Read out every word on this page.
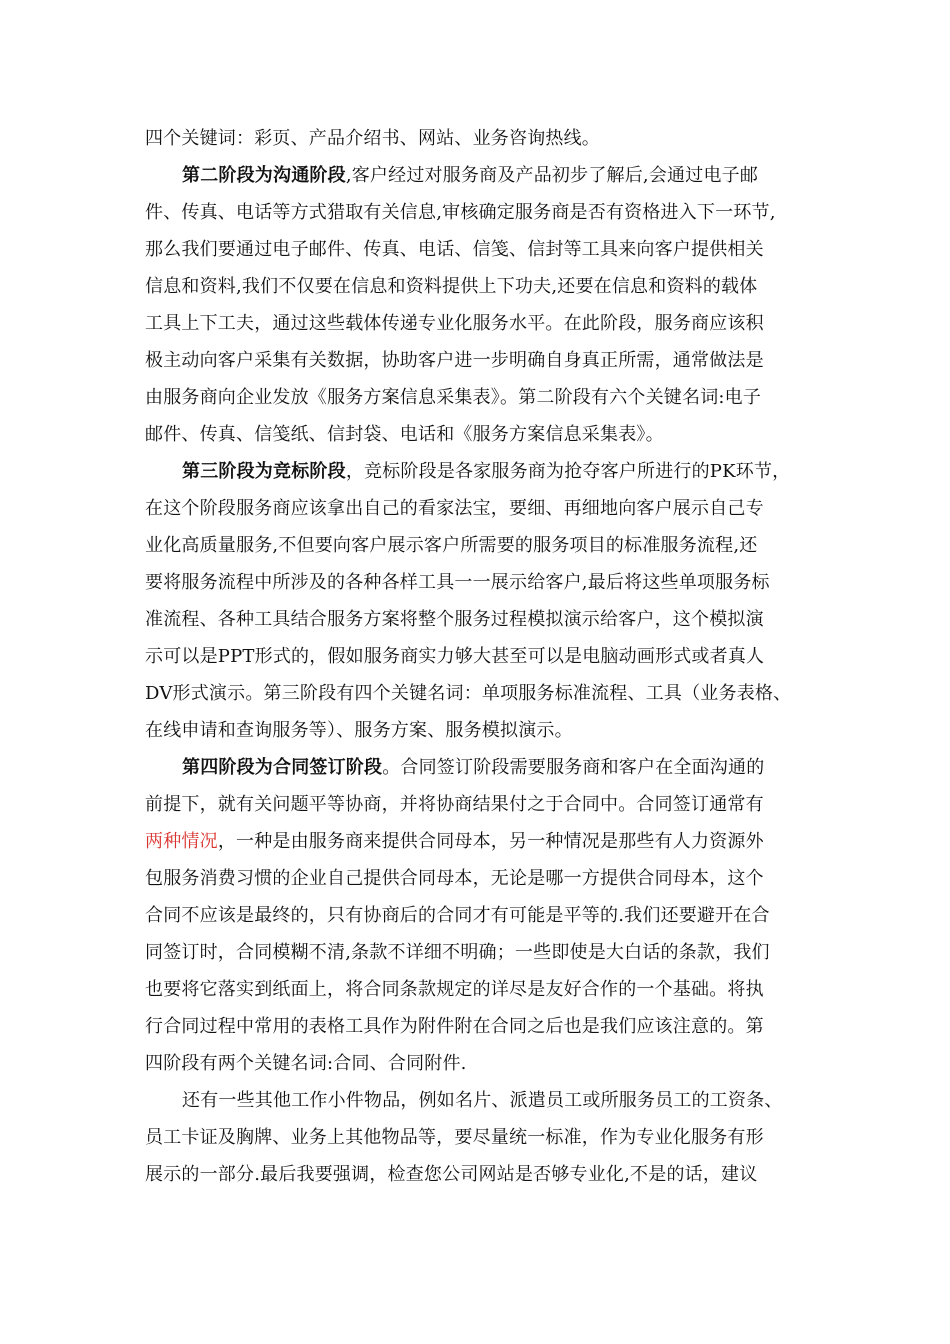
四个关键词：彩页、产品介绍书、网站、业务咨询热线。
第二阶段为沟通阶段,客户经过对服务商及产品初步了解后,会通过电子邮
件、传真、电话等方式猎取有关信息,审核确定服务商是否有资格进入下一环节,
那么我们要通过电子邮件、传真、电话、信笺、信封等工具来向客户提供相关
信息和资料,我们不仅要在信息和资料提供上下功夫,还要在信息和资料的载体
工具上下工夫，通过这些载体传递专业化服务水平。在此阶段，服务商应该积
极主动向客户采集有关数据，协助客户进一步明确自身真正所需，通常做法是
由服务商向企业发放《服务方案信息采集表》。第二阶段有六个关键名词:电子
邮件、传真、信笺纸、信封袋、电话和《服务方案信息采集表》。
第三阶段为竞标阶段，竞标阶段是各家服务商为抢夺客户所进行的PK环节，
在这个阶段服务商应该拿出自己的看家法宝，要细、再细地向客户展示自己专
业化高质量服务,不但要向客户展示客户所需要的服务项目的标准服务流程,还
要将服务流程中所涉及的各种各样工具一一展示给客户,最后将这些单项服务标
准流程、各种工具结合服务方案将整个服务过程模拟演示给客户，这个模拟演
示可以是PPT形式的，假如服务商实力够大甚至可以是电脑动画形式或者真人
DV形式演示。第三阶段有四个关键名词：单项服务标准流程、工具（业务表格、
在线申请和查询服务等）、服务方案、服务模拟演示。
第四阶段为合同签订阶段。合同签订阶段需要服务商和客户在全面沟通的
前提下，就有关问题平等协商，并将协商结果付之于合同中。合同签订通常有
两种情况，一种是由服务商来提供合同母本，另一种情况是那些有人力资源外
包服务消费习惯的企业自己提供合同母本，无论是哪一方提供合同母本，这个
合同不应该是最终的，只有协商后的合同才有可能是平等的.我们还要避开在合
同签订时，合同模糊不清,条款不详细不明确；一些即使是大白话的条款，我们
也要将它落实到纸面上，将合同条款规定的详尽是友好合作的一个基础。将执
行合同过程中常用的表格工具作为附件附在合同之后也是我们应该注意的。第
四阶段有两个关键名词:合同、合同附件.
还有一些其他工作小件物品，例如名片、派遣员工或所服务员工的工资条、
员工卡证及胸牌、业务上其他物品等，要尽量统一标准，作为专业化服务有形
展示的一部分.最后我要强调，检查您公司网站是否够专业化,不是的话，建议
